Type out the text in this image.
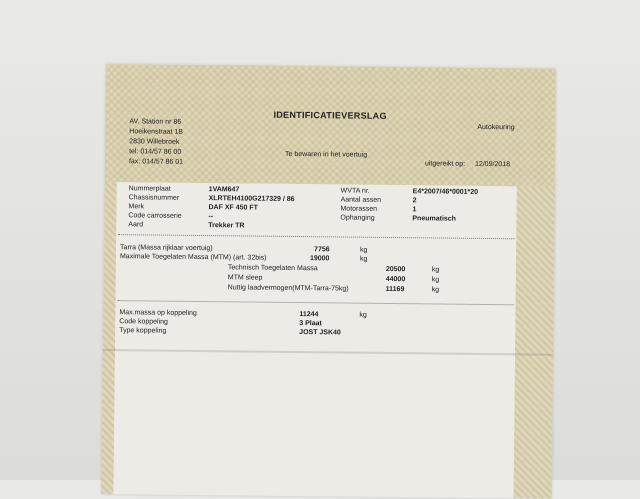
IDENTIFICATIEVERSLAG
AV. Station nr 86
Hoeikenstraat 1B
2830 Willebroek
tel: 014/57 86 00
fax: 014/57 86 01
Autokeuring
Te bewaren in het voertuig
uitgereikt op: 12/09/2018
Nummerplaat	1VAM647
Chassisnummer	XLRTEH4100G217329 / 86
Merk	DAF XF 450 FT
Code carrosserie	--
Aard	Trekker TR
WVTA nr.	E4*2007/46*0001*20
Aantal assen	2
Motorassen	1
Ophanging	Pneumatisch
Tarra (Massa rijklaar voertuig)	7756	kg
Maximale Toegelaten Massa (MTM) (art. 32bis)	19000	kg
Technisch Toegelaten Massa	20500	kg
MTM sleep	44000	kg
Nuttig laadvermogen(MTM-Tarra-75kg)	11169	kg
Max.massa op koppeling	11244	kg
Code koppeling	3 Plaat
Type koppeling	JOST JSK40
